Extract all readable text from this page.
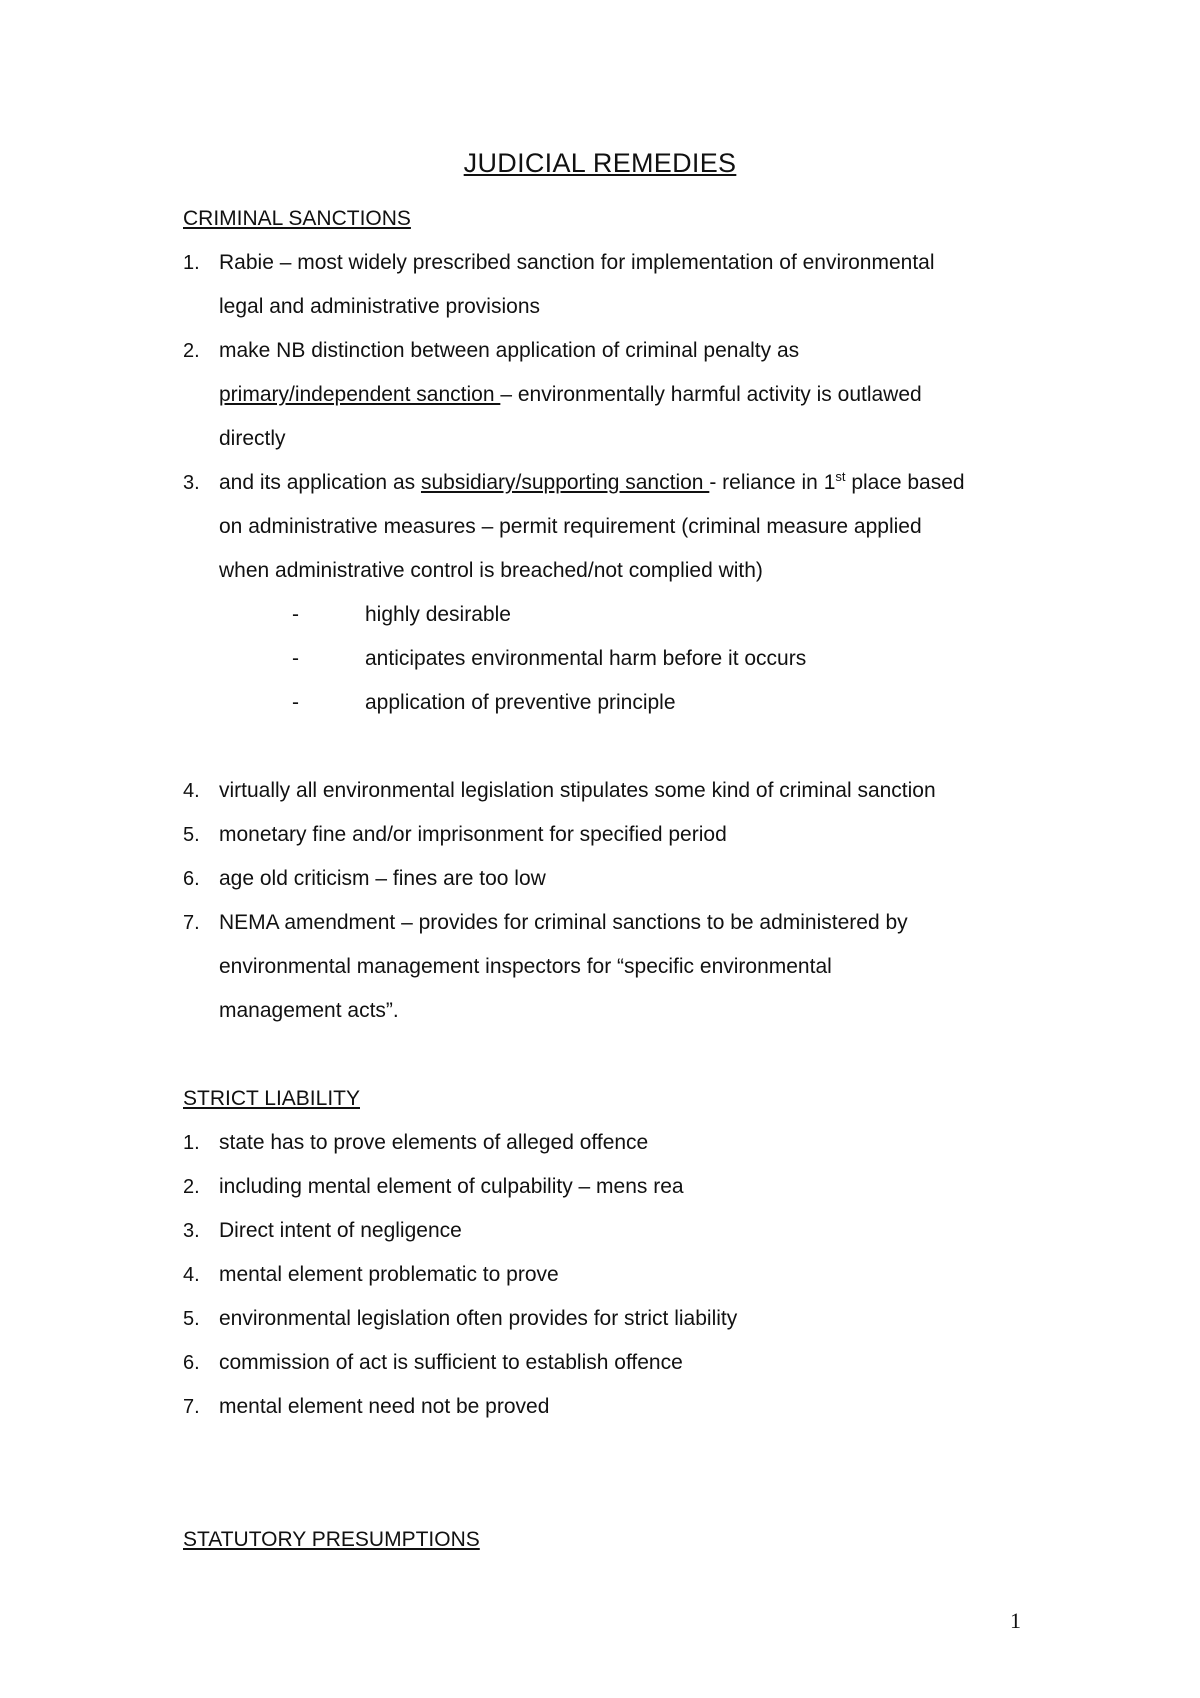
JUDICIAL REMEDIES
CRIMINAL SANCTIONS
1. Rabie – most widely prescribed sanction for implementation of environmental
legal and administrative provisions
2. make NB distinction between application of criminal penalty as
primary/independent sanction – environmentally harmful activity is outlawed
directly
3. and its application as subsidiary/supporting sanction - reliance in 1st place based
on administrative measures – permit requirement (criminal measure applied
when administrative control is breached/not complied with)
-	highly desirable
-	anticipates environmental harm before it occurs
-	application of preventive principle
4. virtually all environmental legislation stipulates some kind of criminal sanction
5. monetary fine and/or imprisonment for specified period
6. age old criticism – fines are too low
7. NEMA amendment – provides for criminal sanctions to be administered by
environmental management inspectors for “specific environmental
management acts”.
STRICT LIABILITY
1. state has to prove elements of alleged offence
2. including mental element of culpability – mens rea
3. Direct intent of negligence
4. mental element problematic to prove
5. environmental legislation often provides for strict liability
6. commission of act is sufficient to establish offence
7. mental element need not be proved
STATUTORY PRESUMPTIONS
1
